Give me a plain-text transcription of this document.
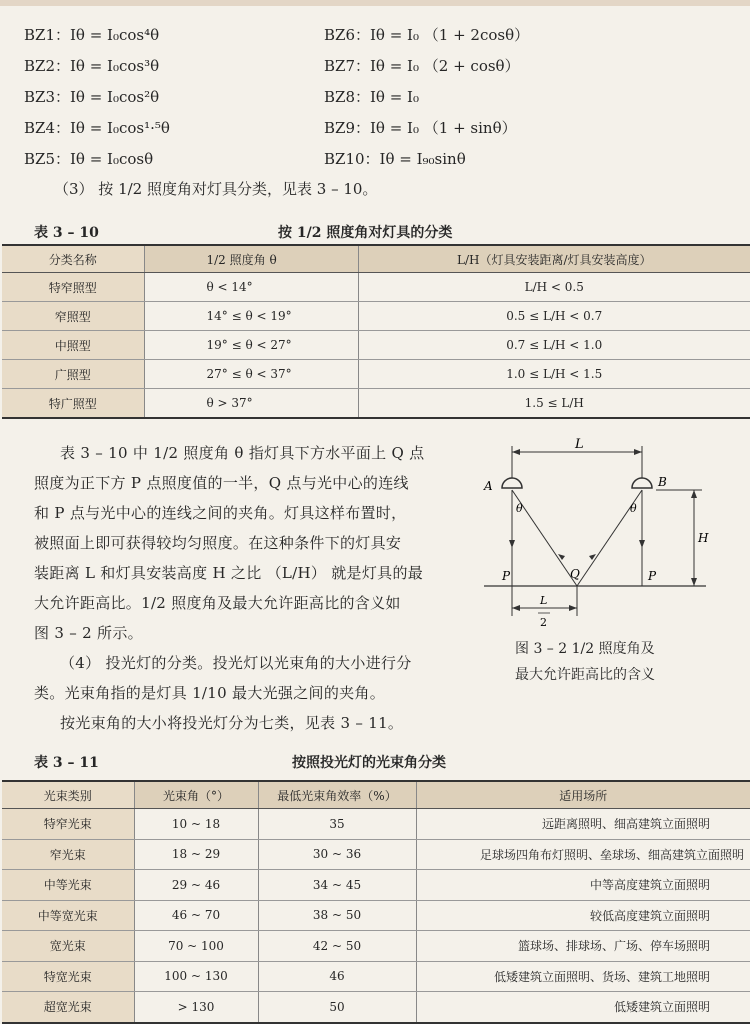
BZ1：Iθ = I₀cos⁴θ
BZ2：Iθ = I₀cos³θ
BZ3：Iθ = I₀cos²θ
BZ4：Iθ = I₀cos¹·⁵θ
BZ5：Iθ = I₀cosθ
BZ6：Iθ = I₀ （1 + 2cosθ）
BZ7：Iθ = I₀ （2 + cosθ）
BZ8：Iθ = I₀
BZ9：Iθ = I₀ （1 + sinθ）
BZ10：Iθ = I₉₀sinθ
（3） 按 1/2 照度角对灯具分类，见表 3 – 10。
表 3 – 10	按 1/2 照度角对灯具的分类
分类名称	1/2 照度角 θ	L/H（灯具安装距离/灯具安装高度）
特窄照型	θ < 14°	L/H < 0.5
窄照型	14° ≤ θ < 19°	0.5 ≤ L/H < 0.7
中照型	19° ≤ θ < 27°	0.7 ≤ L/H < 1.0
广照型	27° ≤ θ < 37°	1.0 ≤ L/H < 1.5
特广照型	θ > 37°	1.5 ≤ L/H
表 3 – 10 中 1/2 照度角 θ 指灯具下方水平面上 Q 点
照度为正下方 P 点照度值的一半，Q 点与光中心的连线
和 P 点与光中心的连线之间的夹角。灯具这样布置时，
被照面上即可获得较均匀照度。在这种条件下的灯具安
装距离 L 和灯具安装高度 H 之比 （L/H） 就是灯具的最
大允许距高比。1/2 照度角及最大允许距高比的含义如
图 3 – 2 所示。
（4） 投光灯的分类。投光灯以光束角的大小进行分
类。光束角指的是灯具 1/10 最大光强之间的夹角。
按光束角的大小将投光灯分为七类，见表 3 – 11。
L
A	B
θ	θ
P	P
Q
H
L
2
图 3 – 2 1/2 照度角及
最大允许距高比的含义
表 3 – 11	按照投光灯的光束角分类
光束类别	光束角（°）	最低光束角效率（%）	适用场所
特窄光束	10 ~ 18	35	远距离照明、细高建筑立面照明
窄光束	18 ~ 29	30 ~ 36	足球场四角布灯照明、垒球场、细高建筑立面照明
中等光束	29 ~ 46	34 ~ 45	中等高度建筑立面照明
中等宽光束	46 ~ 70	38 ~ 50	较低高度建筑立面照明
宽光束	70 ~ 100	42 ~ 50	篮球场、排球场、广场、停车场照明
特宽光束	100 ~ 130	46	低矮建筑立面照明、货场、建筑工地照明
超宽光束	> 130	50	低矮建筑立面照明
